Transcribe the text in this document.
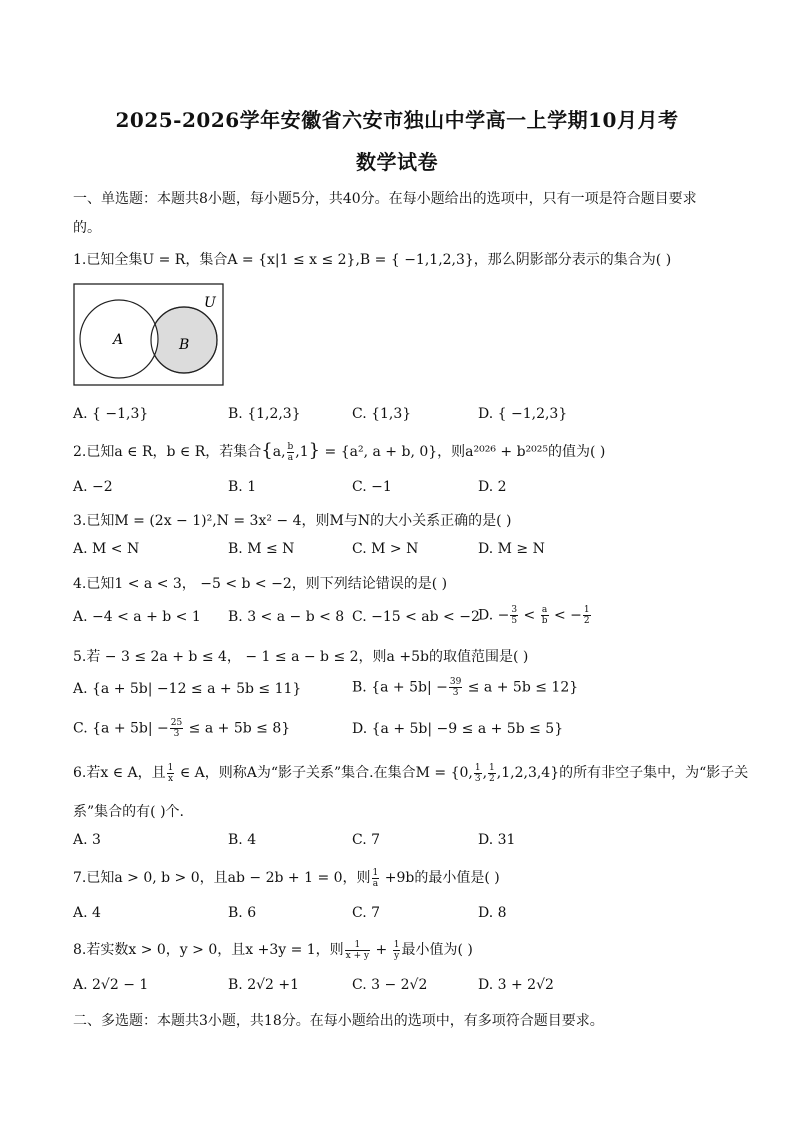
2025-2026学年安徽省六安市独山中学高一上学期10月月考
数学试卷
一、单选题：本题共8小题，每小题5分，共40分。在每小题给出的选项中，只有一项是符合题目要求
的。
1.已知全集U = R，集合A = {x|1 ≤ x ≤ 2},B = { −1,1,2,3}，那么阴影部分表示的集合为( )
U
A	B
A. { −1,3}	B. {1,2,3}	C. {1,3}	D. { −1,2,3}
2.已知a ∈ R，b ∈ R，若集合{a, $\frac{b}{a} ,1\} = \{a^2$, a + b, 0}，则a²⁰²⁶ + b²⁰²⁵的值为( )
A. −2	B. 1	C. −1	D. 2
3.已知M = (2x − 1)²,N = 3x² − 4，则M与N的大小关系正确的是( )
A. M < N	B. M ≤ N	C. M > N	D. M ≥ N
4.已知1 < a < 3， −5 < b < −2，则下列结论错误的是( )
A. −4 < a + b < 1 B. 3 < a − b < 8 C. −15 < ab < −2
D. − $\frac{3}{5} < \frac{a}{b}$ < − $\frac{1}{2}$
5.若 − 3 ≤ 2a + b ≤ 4， − 1 ≤ a − b ≤ 2，则a +5b的取值范围是( )
A. {a + 5b| −12 ≤ a + 5b ≤ 11}	B. $\{a + 5b| - \frac{39}{3} \le a + 5b \le 12\}$
C. $\{a + 5b| - \frac{25}{3} \le a + 5b \le 8\}$	D. {a + 5b| −9 ≤ a + 5b ≤ 5}
6.若x ∈ A，且 $\frac{1}{x}$ ∈ A，则称A为“影子关系”集合.在集合M = {0, $\frac{1}{3}$ , $\frac{1}{2} ,1,2,3,4$}的所有非空子集中，为“影子关
系”集合的有( )个.
A. 3	B. 4	C. 7	D. 31
7.已知a > 0, b > 0，且ab − 2b + 1 = 0，则 $\frac{1}{a} +9b$的最小值是( )
A. 4	B. 6	C. 7	D. 8
8.若实数x > 0，y > 0，且x +3y = 1，则 $\frac{1}{x + y} + \frac{1}{y}$ 最小值为( )
A. 2√2 − 1	B. 2√2 +1	C. 3 − 2√2	D. 3 + 2√2
二、多选题：本题共3小题，共18分。在每小题给出的选项中，有多项符合题目要求。
